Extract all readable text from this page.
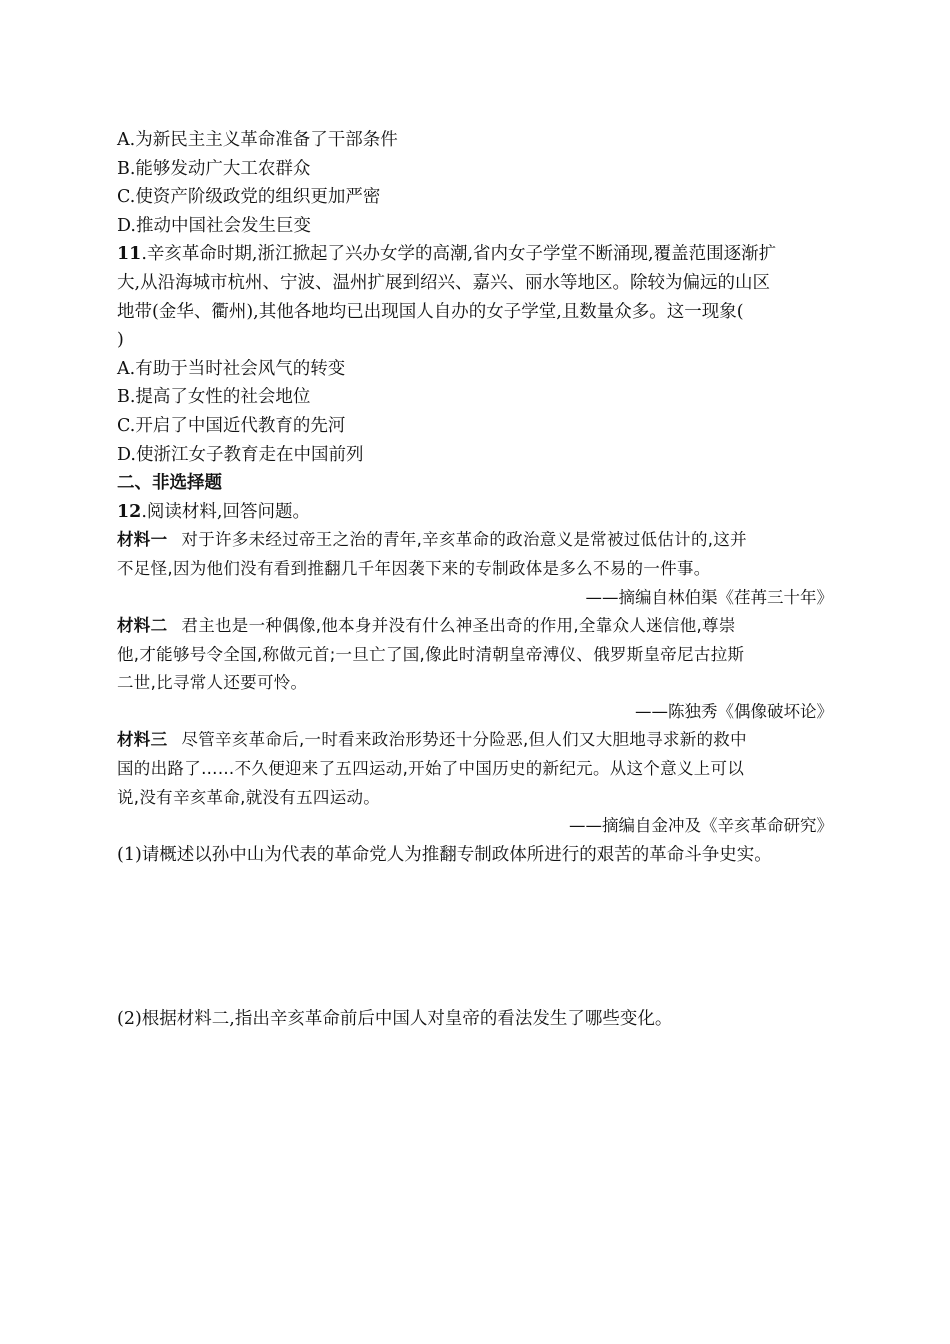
A.为新民主主义革命准备了干部条件
B.能够发动广大工农群众
C.使资产阶级政党的组织更加严密
D.推动中国社会发生巨变
11.辛亥革命时期,浙江掀起了兴办女学的高潮,省内女子学堂不断涌现,覆盖范围逐渐扩
大,从沿海城市杭州、宁波、温州扩展到绍兴、嘉兴、丽水等地区。除较为偏远的山区
地带(金华、衢州),其他各地均已出现国人自办的女子学堂,且数量众多。这一现象(
)
A.有助于当时社会风气的转变
B.提高了女性的社会地位
C.开启了中国近代教育的先河
D.使浙江女子教育走在中国前列
二、非选择题
12.阅读材料,回答问题。
材料一 对于许多未经过帝王之治的青年,辛亥革命的政治意义是常被过低估计的,这并
不足怪,因为他们没有看到推翻几千年因袭下来的专制政体是多么不易的一件事。
——摘编自林伯渠《荏苒三十年》
材料二 君主也是一种偶像,他本身并没有什么神圣出奇的作用,全靠众人迷信他,尊崇
他,才能够号令全国,称做元首;一旦亡了国,像此时清朝皇帝溥仪、俄罗斯皇帝尼古拉斯
二世,比寻常人还要可怜。
——陈独秀《偶像破坏论》
材料三 尽管辛亥革命后,一时看来政治形势还十分险恶,但人们又大胆地寻求新的救中
国的出路了……不久便迎来了五四运动,开始了中国历史的新纪元。从这个意义上可以
说,没有辛亥革命,就没有五四运动。
——摘编自金冲及《辛亥革命研究》
(1)请概述以孙中山为代表的革命党人为推翻专制政体所进行的艰苦的革命斗争史实。
(2)根据材料二,指出辛亥革命前后中国人对皇帝的看法发生了哪些变化。
